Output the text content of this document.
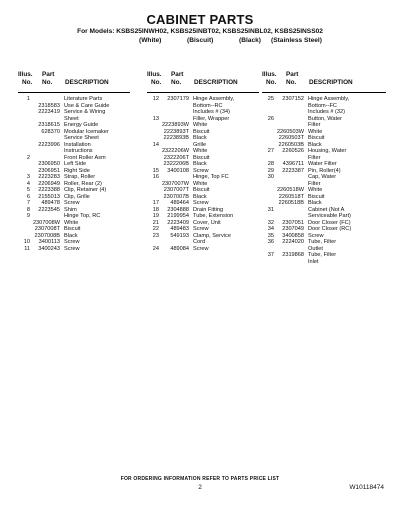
CABINET PARTS
For Models: KSBS25INWH02, KSBS25INBT02, KSBS25INBL02, KSBS25INSS02
(White)	(Biscuit)	(Black) (Stainless Steel)
Illus.
No.
Part
No. DESCRIPTION
1	Literature Parts
2318583 Use & Care Guide
2223419 Service & Wiring
Sheet
2318615 Energy Guide
628370 Modular Icemaker
Service Sheet
2223996 Installation
Instructions
2	Front Roller Asm
2306950 Left Side
2306951 Right Side
3	2223283 Strap, Roller
4	2206949 Roller, Rear (2)
5	2223388 Clip, Retainer (4)
6	2155013 Clip, Grille
7	489478 Screw
8	2223545 Shim
9	Hinge Top, RC
2307008W White
2307008T Biscuit
2307008B Black
10	3400113 Screw
11	3400243 Screw
Illus.
No.
Part
No. DESCRIPTION
12	2307179 Hinge Assembly,
Bottom--RC
Includes # (34)
13	Filler, Wrapper
2223893W White
2223893T Biscuit
2223893B Black
14	Grille
2322206W White
2322206T Biscuit
2322206B Black
15	3400108 Screw
16	Hinge, Top FC
2307007W White
2307007T Biscuit
2307007B Black
17	489464 Screw
18	2304888 Drain Fitting
19	2199954 Tube, Extension
21	2223409 Cover, Unit
22	489483 Screw
23	549193 Clamp, Service
Cord
24	489084 Screw
Illus.
No.
Part
No. DESCRIPTION
25	2307152 Hinge Assembly,
Bottom--FC
Includes # (32)
26	Button, Water
Filter
2260503W White
2260503T Biscuit
2260503B Black
27	2260526 Housing, Water
Filter
28	4396711 Water Filter
29	2223387 Pin, Roller(4)
30	Cap, Water
Filter
2260518W White
2260518T Biscuit
2260518B Black
31	Cabinet (Not A
Serviceable Part)
32	2307051 Door Closer (FC)
34	2307049 Door Closer (RC)
35	3400858 Screw
36	2224020 Tube, Filter
Outlet
37	2319868 Tube, Filter
Inlet
FOR ORDERING INFORMATION REFER TO PARTS PRICE LIST
2	W10118474
